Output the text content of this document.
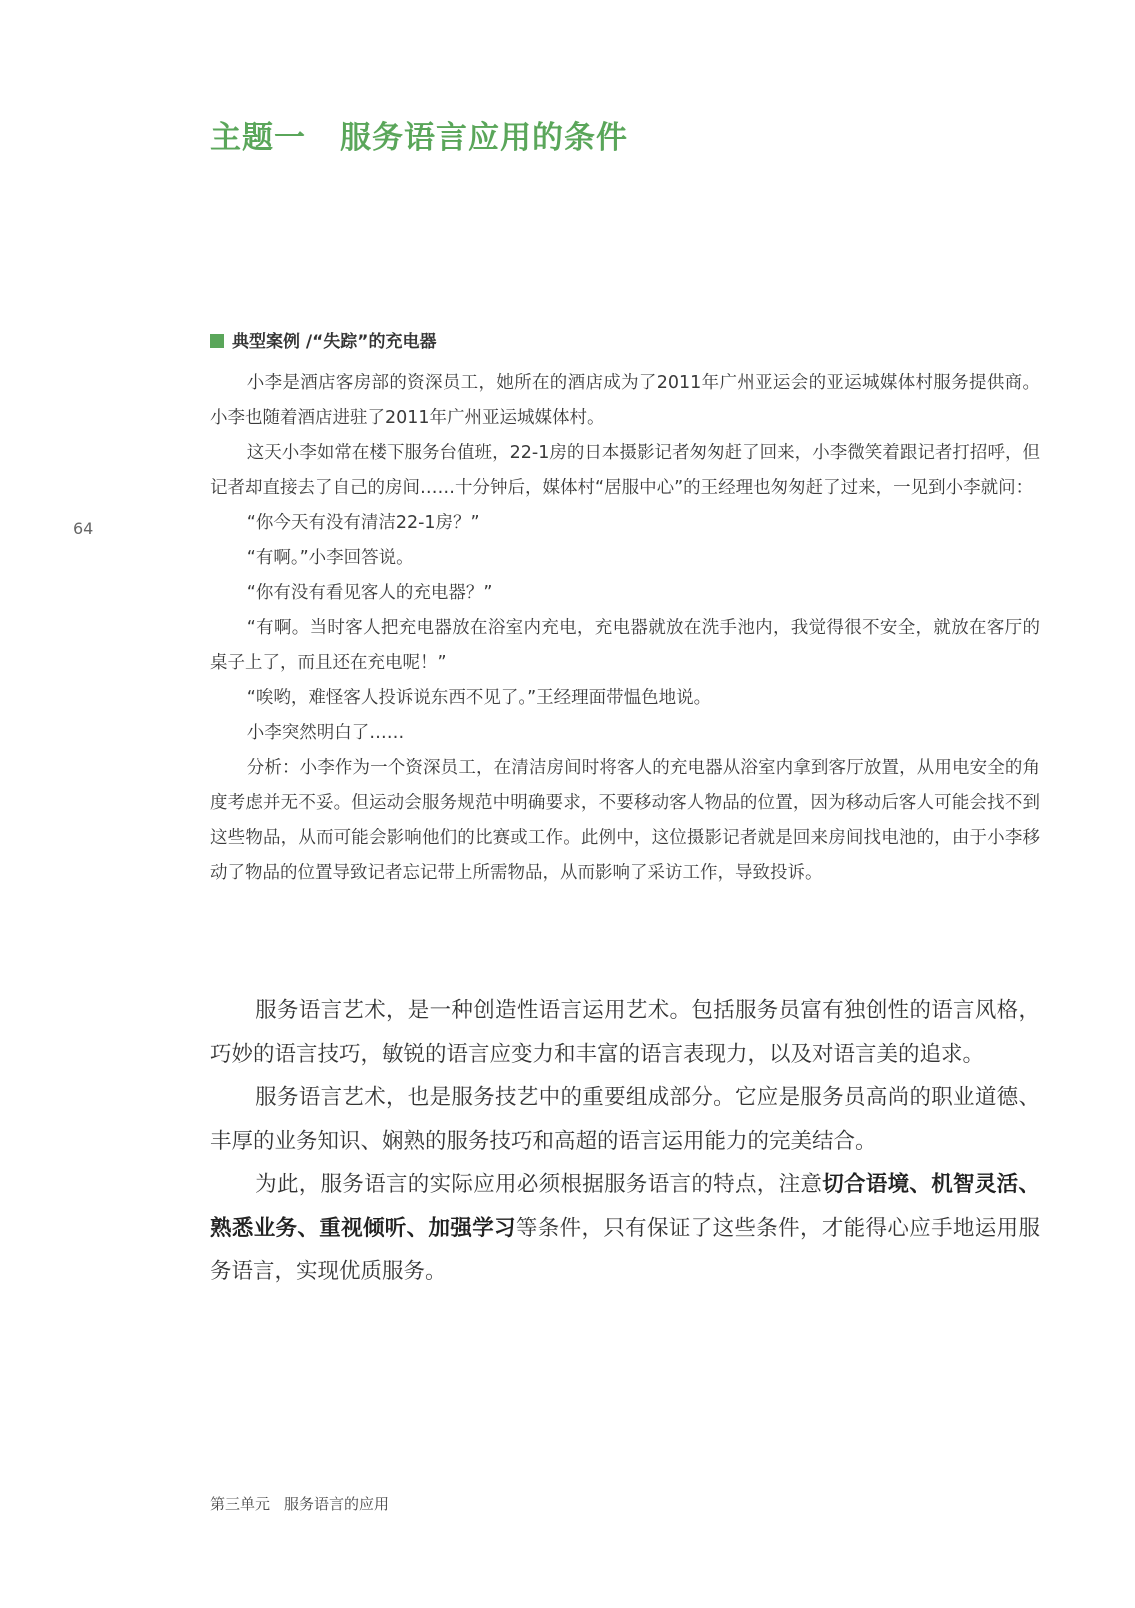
主题一 服务语言应用的条件
64
典型案例 /“失踪”的充电器

小李是酒店客房部的资深员工，她所在的酒店成为了2011年广州亚运会的亚运城媒体村服务提供商。小李也随着酒店进驻了2011年广州亚运城媒体村。

这天小李如常在楼下服务台值班，22-1房的日本摄影记者匆匆赶了回来，小李微笑着跟记者打招呼，但记者却直接去了自己的房间……十分钟后，媒体村“居服中心”的王经理也匆匆赶了过来，一见到小李就问：

“你今天有没有清洁22-1房？”

“有啊。”小李回答说。

“你有没有看见客人的充电器？”

“有啊。当时客人把充电器放在浴室内充电，充电器就放在洗手池内，我觉得很不安全，就放在客厅的桌子上了，而且还在充电呢！”

“唉哟，难怪客人投诉说东西不见了。”王经理面带愠色地说。

小李突然明白了……

分析：小李作为一个资深员工，在清洁房间时将客人的充电器从浴室内拿到客厅放置，从用电安全的角度考虑并无不妥。但运动会服务规范中明确要求，不要移动客人物品的位置，因为移动后客人可能会找不到这些物品，从而可能会影响他们的比赛或工作。此例中，这位摄影记者就是回来房间找电池的，由于小李移动了物品的位置导致记者忘记带上所需物品，从而影响了采访工作，导致投诉。

服务语言艺术，是一种创造性语言运用艺术。包括服务员富有独创性的语言风格，巧妙的语言技巧，敏锐的语言应变力和丰富的语言表现力，以及对语言美的追求。

服务语言艺术，也是服务技艺中的重要组成部分。它应是服务员高尚的职业道德、丰厚的业务知识、娴熟的服务技巧和高超的语言运用能力的完美结合。

为此，服务语言的实际应用必须根据服务语言的特点，注意切合语境、机智灵活、熟悉业务、重视倾听、加强学习等条件，只有保证了这些条件，才能得心应手地运用服务语言，实现优质服务。

第三单元 服务语言的应用
